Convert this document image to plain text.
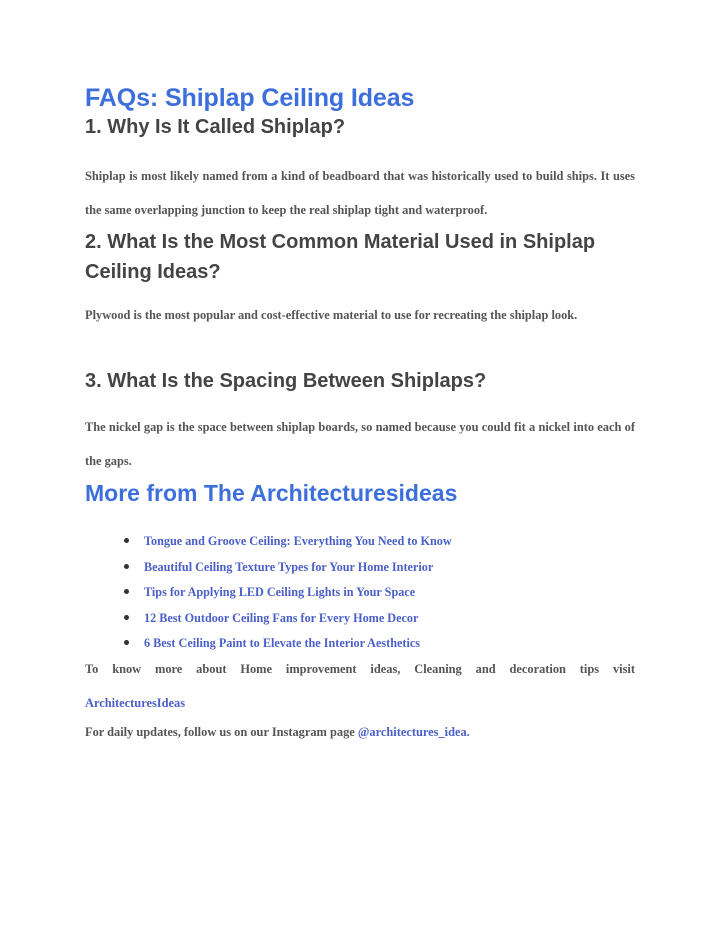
FAQs: Shiplap Ceiling Ideas
1. Why Is It Called Shiplap?

Shiplap is most likely named from a kind of beadboard that was historically used to build ships. It uses the same overlapping junction to keep the real shiplap tight and waterproof.

2. What Is the Most Common Material Used in Shiplap Ceiling Ideas?

Plywood is the most popular and cost-effective material to use for recreating the shiplap look.

3. What Is the Spacing Between Shiplaps?

The nickel gap is the space between shiplap boards, so named because you could fit a nickel into each of the gaps.

More from The Architecturesideas
Tongue and Groove Ceiling: Everything You Need to Know
Beautiful Ceiling Texture Types for Your Home Interior
Tips for Applying LED Ceiling Lights in Your Space
12 Best Outdoor Ceiling Fans for Every Home Decor
6 Best Ceiling Paint to Elevate the Interior Aesthetics

To know more about Home improvement ideas, Cleaning and decoration tips visit

ArchitecturesIdeas

For daily updates, follow us on our Instagram page @architectures_idea.
